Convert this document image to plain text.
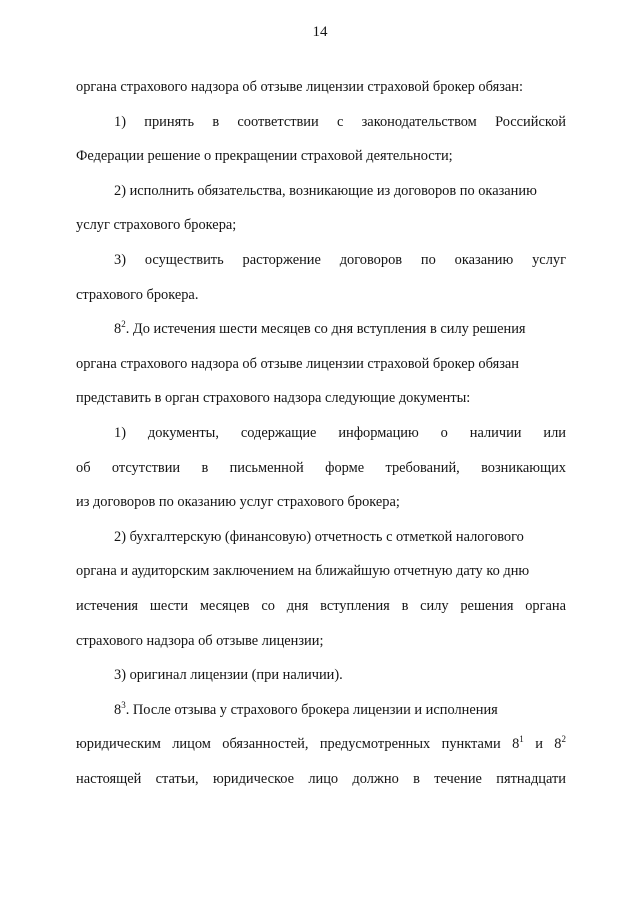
14
органа страхового надзора об отзыве лицензии страховой брокер обязан:
1) принять в соответствии с законодательством Российской
Федерации решение о прекращении страховой деятельности;
2) исполнить обязательства, возникающие из договоров по оказанию
услуг страхового брокера;
3) осуществить расторжение договоров по оказанию услуг
страхового брокера.
$8^2$. До истечения шести месяцев со дня вступления в силу решения
органа страхового надзора об отзыве лицензии страховой брокер обязан
представить в орган страхового надзора следующие документы:
1) документы, содержащие информацию о наличии или
об отсутствии в письменной форме требований, возникающих
из договоров по оказанию услуг страхового брокера;
2) бухгалтерскую (финансовую) отчетность с отметкой налогового
органа и аудиторским заключением на ближайшую отчетную дату ко дню
истечения шести месяцев со дня вступления в силу решения органа
страхового надзора об отзыве лицензии;
3) оригинал лицензии (при наличии).
$8^3$. После отзыва у страхового брокера лицензии и исполнения
юридическим лицом обязанностей, предусмотренных пунктами $8^1$ и $8^2$
настоящей статьи, юридическое лицо должно в течение пятнадцати
